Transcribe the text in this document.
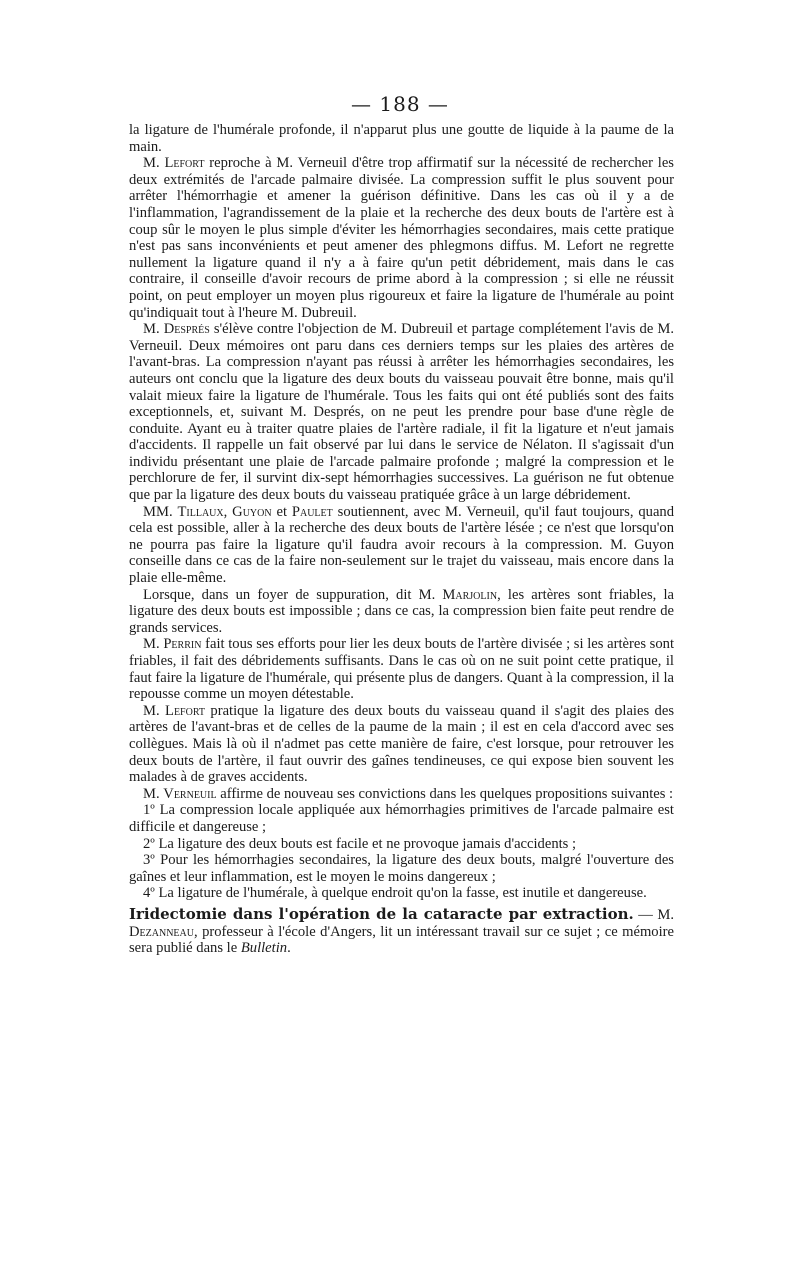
— 188 —

la ligature de l'humérale profonde, il n'apparut plus une goutte de liquide à la paume de la main.

M. Lefort reproche à M. Verneuil d'être trop affirmatif sur la nécessité de rechercher les deux extrémités de l'arcade palmaire divisée. La compression suffit le plus souvent pour arrêter l'hémorrhagie et amener la guérison définitive. Dans les cas où il y a de l'inflammation, l'agrandissement de la plaie et la recherche des deux bouts de l'artère est à coup sûr le moyen le plus simple d'éviter les hémorrhagies secondaires, mais cette pratique n'est pas sans inconvénients et peut amener des phlegmons diffus. M. Lefort ne regrette nullement la ligature quand il n'y a à faire qu'un petit débridement, mais dans le cas contraire, il conseille d'avoir recours de prime abord à la compression ; si elle ne réussit point, on peut employer un moyen plus rigoureux et faire la ligature de l'humérale au point qu'indiquait tout à l'heure M. Dubreuil.

M. Després s'élève contre l'objection de M. Dubreuil et partage complétement l'avis de M. Verneuil. Deux mémoires ont paru dans ces derniers temps sur les plaies des artères de l'avant-bras. La compression n'ayant pas réussi à arrêter les hémorrhagies secondaires, les auteurs ont conclu que la ligature des deux bouts du vaisseau pouvait être bonne, mais qu'il valait mieux faire la ligature de l'humérale. Tous les faits qui ont été publiés sont des faits exceptionnels, et, suivant M. Després, on ne peut les prendre pour base d'une règle de conduite. Ayant eu à traiter quatre plaies de l'artère radiale, il fit la ligature et n'eut jamais d'accidents. Il rappelle un fait observé par lui dans le service de Nélaton. Il s'agissait d'un individu présentant une plaie de l'arcade palmaire profonde ; malgré la compression et le perchlorure de fer, il survint dix-sept hémorrhagies successives. La guérison ne fut obtenue que par la ligature des deux bouts du vaisseau pratiquée grâce à un large débridement.

MM. Tillaux, Guyon et Paulet soutiennent, avec M. Verneuil, qu'il faut toujours, quand cela est possible, aller à la recherche des deux bouts de l'artère lésée ; ce n'est que lorsqu'on ne pourra pas faire la ligature qu'il faudra avoir recours à la compression. M. Guyon conseille dans ce cas de la faire non-seulement sur le trajet du vaisseau, mais encore dans la plaie elle-même.

Lorsque, dans un foyer de suppuration, dit M. Marjolin, les artères sont friables, la ligature des deux bouts est impossible ; dans ce cas, la compression bien faite peut rendre de grands services.

M. Perrin fait tous ses efforts pour lier les deux bouts de l'artère divisée ; si les artères sont friables, il fait des débridements suffisants. Dans le cas où on ne suit point cette pratique, il faut faire la ligature de l'humérale, qui présente plus de dangers. Quant à la compression, il la repousse comme un moyen détestable.

M. Lefort pratique la ligature des deux bouts du vaisseau quand il s'agit des plaies des artères de l'avant-bras et de celles de la paume de la main ; il est en cela d'accord avec ses collègues. Mais là où il n'admet pas cette manière de faire, c'est lorsque, pour retrouver les deux bouts de l'artère, il faut ouvrir des gaînes tendineuses, ce qui expose bien souvent les malades à de graves accidents.

M. Verneuil affirme de nouveau ses convictions dans les quelques propositions suivantes :

1º La compression locale appliquée aux hémorrhagies primitives de l'arcade palmaire est difficile et dangereuse ;

2º La ligature des deux bouts est facile et ne provoque jamais d'accidents ;

3º Pour les hémorrhagies secondaires, la ligature des deux bouts, malgré l'ouverture des gaînes et leur inflammation, est le moyen le moins dangereux ;

4º La ligature de l'humérale, à quelque endroit qu'on la fasse, est inutile et dangereuse.

Iridectomie dans l'opération de la cataracte par extraction. — M. Dezanneau, professeur à l'école d'Angers, lit un intéressant travail sur ce sujet ; ce mémoire sera publié dans le Bulletin.
